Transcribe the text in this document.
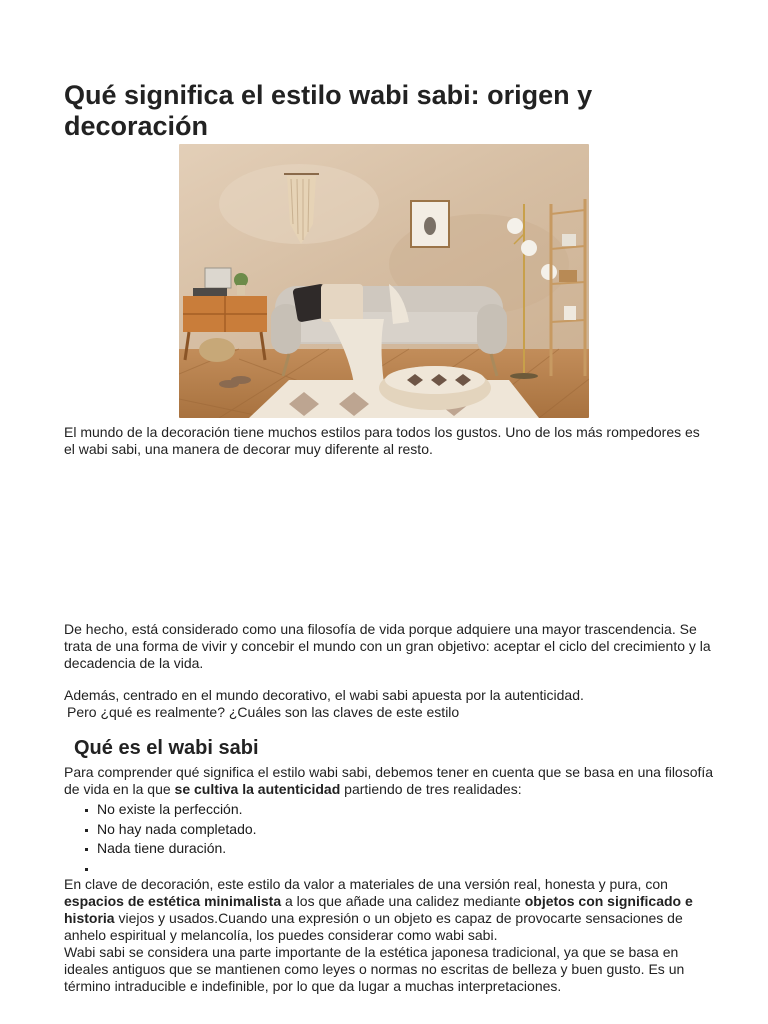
Qué significa el estilo wabi sabi: origen y decoración

El mundo de la decoración tiene muchos estilos para todos los gustos. Uno de los más rompedores es el wabi sabi, una manera de decorar muy diferente al resto.

De hecho, está considerado como una filosofía de vida porque adquiere una mayor trascendencia. Se trata de una forma de vivir y concebir el mundo con un gran objetivo: aceptar el ciclo del crecimiento y la decadencia de la vida.

Además, centrado en el mundo decorativo, el wabi sabi apuesta por la autenticidad.
Pero ¿qué es realmente? ¿Cuáles son las claves de este estilo

Qué es el wabi sabi

Para comprender qué significa el estilo wabi sabi, debemos tener en cuenta que se basa en una filosofía de vida en la que se cultiva la autenticidad partiendo de tres realidades:

No existe la perfección.
No hay nada completado.
Nada tiene duración.

En clave de decoración, este estilo da valor a materiales de una versión real, honesta y pura, con espacios de estética minimalista a los que añade una calidez mediante objetos con significado e historia viejos y usados.Cuando una expresión o un objeto es capaz de provocarte sensaciones de anhelo espiritual y melancolía, los puedes considerar como wabi sabi.
Wabi sabi se considera una parte importante de la estética japonesa tradicional, ya que se basa en ideales antiguos que se mantienen como leyes o normas no escritas de belleza y buen gusto. Es un término intraducible e indefinible, por lo que da lugar a muchas interpretaciones.
